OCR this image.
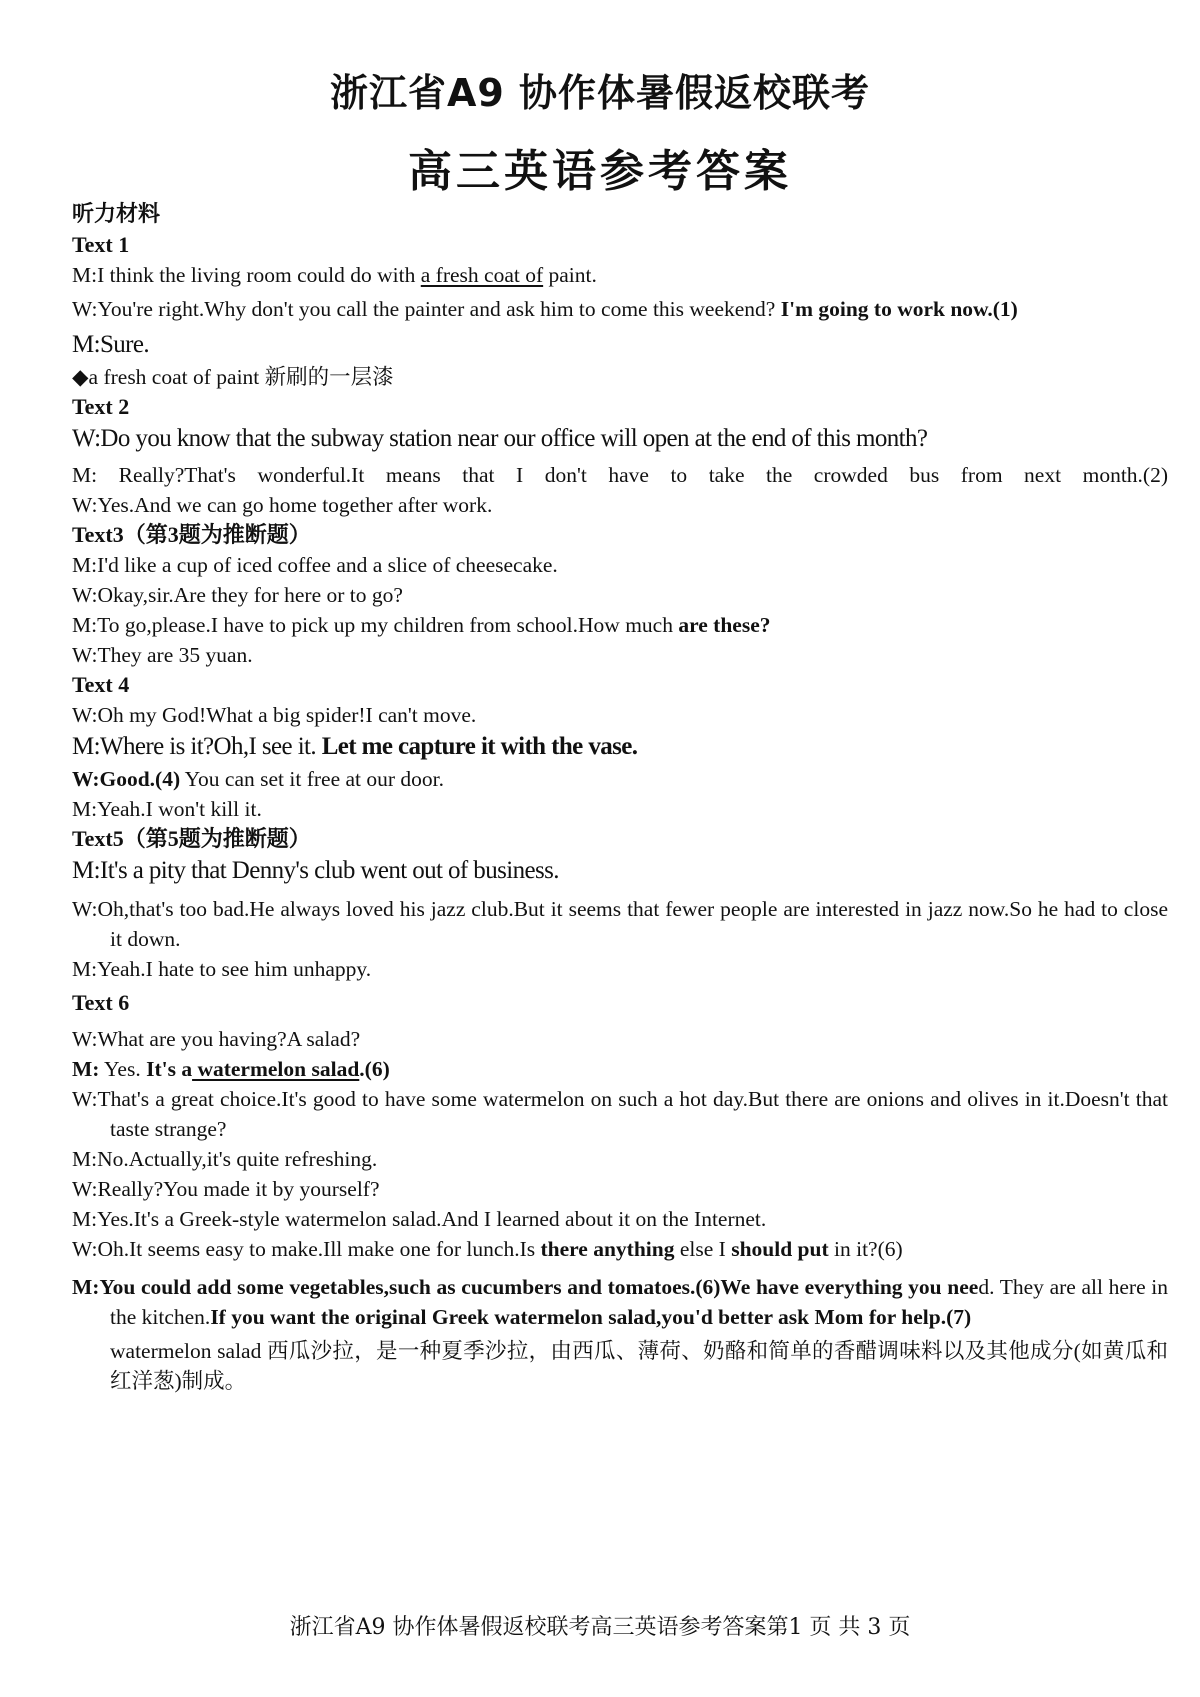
浙江省A9 协作体暑假返校联考
高三英语参考答案

听力材料

Text 1

M:I think the living room could do with a fresh coat of paint.

W:You're right.Why don't you call the painter and ask him to come this weekend? I'm going to work now.(1)

M:Sure.

◆a fresh coat of paint 新刷的一层漆

Text 2

W:Do you know that the subway station near our office will open at the end of this month?

M: Really?That's wonderful.It means that I don't have to take the crowded bus from next month.(2)

W:Yes.And we can go home together after work.

Text3（第3题为推断题）

M:I'd like a cup of iced coffee and a slice of cheesecake.

W:Okay,sir.Are they for here or to go?

M:To go,please.I have to pick up my children from school.How much are these?

W:They are 35 yuan.

Text 4

W:Oh my God!What a big spider!I can't move.

M:Where is it?Oh,I see it. Let me capture it with the vase.

W:Good.(4) You can set it free at our door.

M:Yeah.I won't kill it.

Text5（第5题为推断题）

M:It's a pity that Denny's club went out of business.

W:Oh,that's too bad.He always loved his jazz club.But it seems that fewer people are interested in jazz now.So he had to close it down.

M:Yeah.I hate to see him unhappy.

Text 6

W:What are you having?A salad?

M: Yes. It's a watermelon salad.(6)

W:That's a great choice.It's good to have some watermelon on such a hot day.But there are onions and olives in it.Doesn't that taste strange?

M:No.Actually,it's quite refreshing.

W:Really?You made it by yourself?

M:Yes.It's a Greek-style watermelon salad.And I learned about it on the Internet.

W:Oh.It seems easy to make.Ill make one for lunch.Is there anything else I should put in it?(6)

M:You could add some vegetables,such as cucumbers and tomatoes.(6)We have everything you need. They are all here in the kitchen.If you want the original Greek watermelon salad,you'd better ask Mom for help.(7)

watermelon salad 西瓜沙拉，是一种夏季沙拉，由西瓜、薄荷、奶酪和简单的香醋调味料以及其他成分(如黄瓜和红洋葱)制成。

浙江省A9 协作体暑假返校联考高三英语参考答案第1 页 共 3 页
